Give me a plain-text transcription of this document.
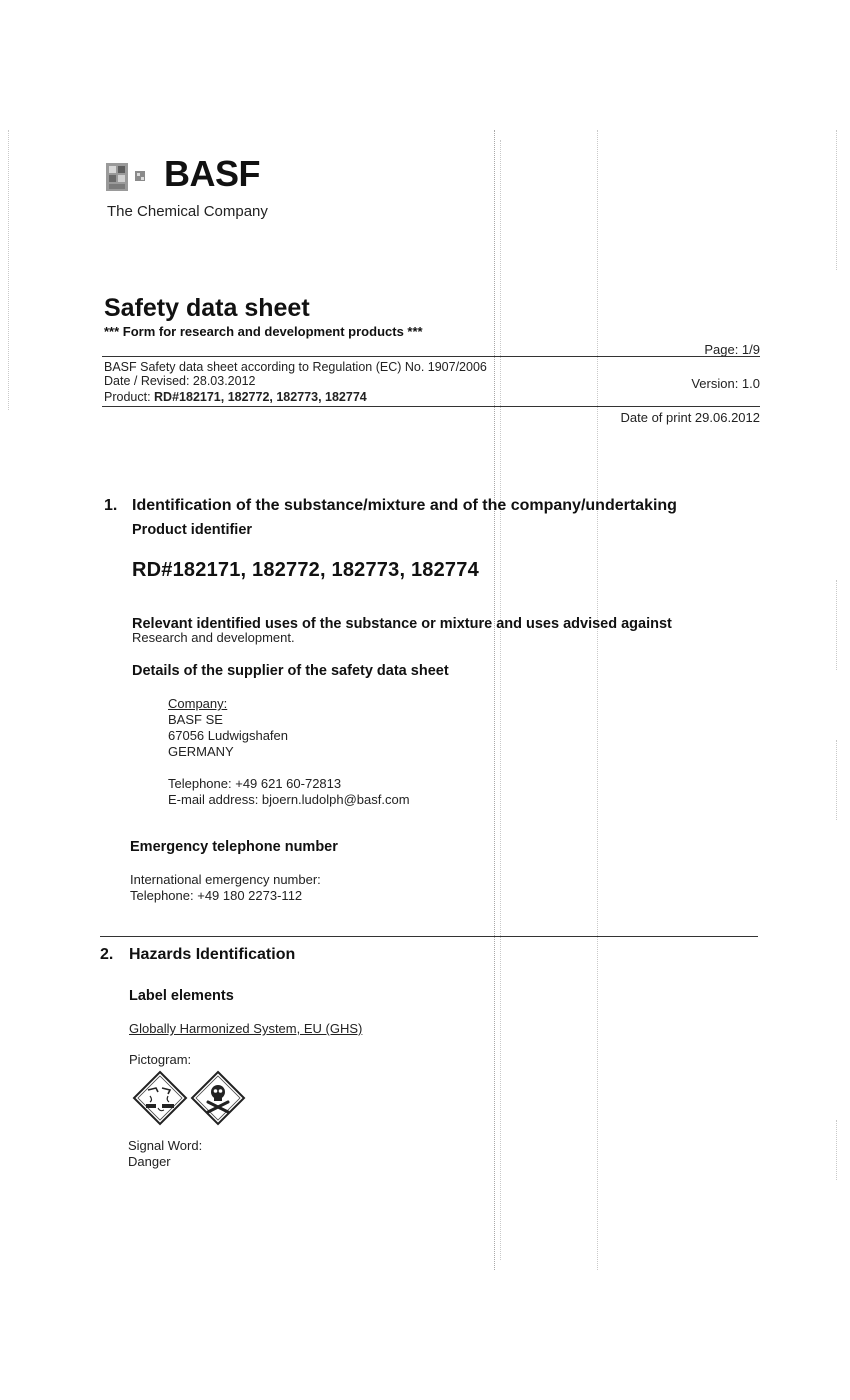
BASF
The Chemical Company
Safety data sheet
*** Form for research and development products ***
Page: 1/9
BASF Safety data sheet according to Regulation (EC) No. 1907/2006
Date / Revised: 28.03.2012	Version: 1.0
Product: RD#182171, 182772, 182773, 182774
Date of print 29.06.2012
1. Identification of the substance/mixture and of the company/undertaking
Product identifier
RD#182171, 182772, 182773, 182774
Relevant identified uses of the substance or mixture and uses advised against
Research and development.
Details of the supplier of the safety data sheet
Company:
BASF SE
67056 Ludwigshafen
GERMANY
Telephone: +49 621 60-72813
E-mail address: bjoern.ludolph@basf.com
Emergency telephone number
International emergency number:
Telephone: +49 180 2273-112
2. Hazards Identification
Label elements
Globally Harmonized System, EU (GHS)
Pictogram:
Signal Word:
Danger
